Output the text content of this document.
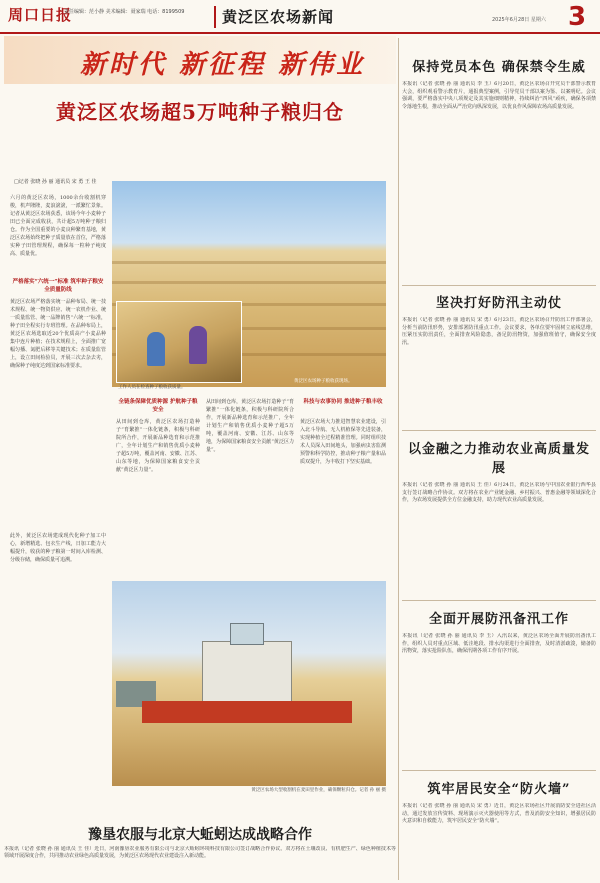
周口日报
责任编辑：范小静 美术编辑：聂家瑞 电话：8199509	黄泛区农场新闻	2025年6月28日 星期六 3
新时代 新征程 新伟业
黄泛区农场超5万吨种子粮归仓
□记者 张晓 孙 丽 通讯员 宋 勇 王 佳
六月的黄泛区农场，1000余台收割机穿梭，机声隆隆，麦浪滚滚，一派繁忙景象。记者从黄泛区农场获悉，该场今年小麦种子田已全面完成收获，共计超5万吨种子粮归仓。作为全国重要的小麦良种繁育基地，黄泛区农场始终把种子质量放在首位，严格落实种子田管理规程，确保每一粒种子纯度高、质量优。
严格落实“六统一”标准 筑牢种子粮安全质量防线
黄泛区农场严格落实统一品种布局、统一技术规程、统一物资供应、统一农机作业、统一质量监管、统一品牌销售“六统一”标准，种子田全程实行专班管理。在品种布局上，黄泛区农场选取近20个优质高产小麦品种集中连片种植；在技术规程上，全面推广宽幅匀播、氮肥后移等关键技术；在质量监管上，设立田间检验员，开展三次去杂去劣，确保种子纯度达到国家标准要求。
此外，黄泛区农场建成现代化种子加工中心，新增精选、包衣生产线，日加工能力大幅提升，收获的种子粮第一时间入库检测、分级存储，确保质量可追溯。
工作人员在检查种子粮收获质量。
黄泛区农场种子粮收获现场。
全链条保障优质种源 护航种子粮安全
从田间到仓库，黄泛区农场打造种子“育繁推”一体化链条，积极与科研院所合作，开展新品种选育和示范推广，全年计划生产和销售优质小麦种子超5万吨，覆盖河南、安徽、江苏、山东等地，为保障国家粮食安全贡献“黄泛区力量”。
从田间到仓库，黄泛区农场打造种子“育繁推”一体化链条，积极与科研院所合作，开展新品种选育和示范推广，全年计划生产和销售优质小麦种子超5万吨，覆盖河南、安徽、江苏、山东等地，为保障国家粮食安全贡献“黄泛区力量”。
科技与农事协同 推进种子粮丰收
黄泛区农场大力推进智慧农业建设，引入北斗导航、无人机植保等先进装备，实现种植全过程精准管理。同时组织技术人员深入田间地头，加强病虫害监测预警和科学防控，推动种子粮产量和品质双提升，为丰收打下坚实基础。
黄泛区农场大型收割机在麦田里作业，确保颗粒归仓。记者 孙 丽 摄
豫垦农服与北京大蚯蚓达成战略合作
本报讯（记者 张晓 孙 丽 通讯员 王 佳）近日，河南豫垦农业服务有限公司与北京大蚯蚓环境科技有限公司签订战略合作协议。双方将在土壤改良、有机肥生产、绿色种植技术等领域开展深度合作，共同推动农业绿色高质量发展，为黄泛区农场现代农业建设注入新动能。
保持党员本色 确保禁令生威
本报讯（记者 张晓 孙 丽 通讯员 李 玉）6月20日，黄泛区农场召开党员干部警示教育大会，组织观看警示教育片，通报典型案例，引导党员干部以案为鉴、以案明纪。会议强调，要严格落实中央八项规定及其实施细则精神，持续纠治“四风”顽疾，确保各项禁令落地生根，推动全面从严治党向纵深发展，以优良作风保障农场高质量发展。
坚决打好防汛主动仗
本报讯（记者 张晓 孙 丽 通讯员 宋 勇）6月23日，黄泛区农场召开防汛工作部署会，分析当前防汛形势，安排部署防汛重点工作。会议要求，各单位要牢固树立底线思维，压紧压实防汛责任，全面排查风险隐患，备足防汛物资，加强值班值守，确保安全度汛。
以金融之力推动农业高质量发展
本报讯（记者 张晓 孙 丽 通讯员 王 佳）6月24日，黄泛区农场与中国农业银行西华县支行签订战略合作协议。双方将在农业产业链金融、乡村振兴、普惠金融等领域深化合作，为农场发展提供全方位金融支持，助力现代农业高质量发展。
全面开展防汛备汛工作
本报讯（记者 张晓 孙 丽 通讯员 李 玉）入汛以来，黄泛区农场全面开展防汛备汛工作，组织人员对重点区域、低洼地段、排水沟渠进行全面排查，及时清淤疏浚，储备防汛物资，落实抢险队伍，确保汛期各项工作有序开展。
筑牢居民安全“防火墙”
本报讯（记者 张晓 孙 丽 通讯员 宋 勇）近日，黄泛区农场社区开展消防安全进社区活动，通过发放宣传资料、现场演示灭火器使用等方式，普及消防安全知识，增强居民防火意识和自救能力，筑牢居民安全“防火墙”。
